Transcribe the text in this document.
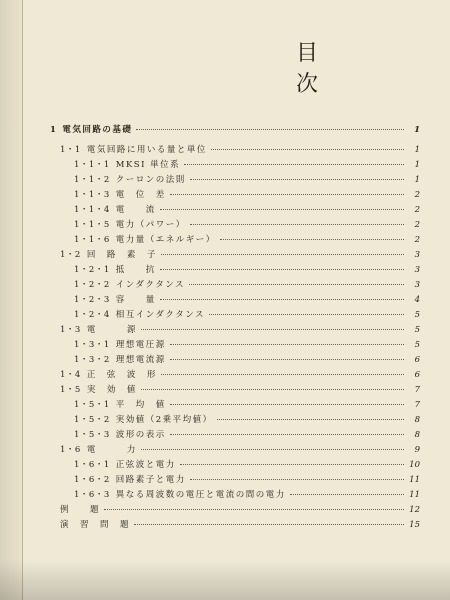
目　次
1 電気回路の基礎	1
1・1 電気回路に用いる量と単位	1
1・1・1 MKSI 単位系	1
1・1・2 クーロンの法則	1
1・1・3 電　位　差	2
1・1・4 電　　流	2
1・1・5 電力（パワー）	2
1・1・6 電力量（エネルギー）	2
1・2 回　路　素　子	3
1・2・1 抵　　抗	3
1・2・2 インダクタンス	3
1・2・3 容　　量	4
1・2・4 相互インダクタンス	5
1・3 電　　　源	5
1・3・1 理想電圧源	5
1・3・2 理想電流源	6
1・4 正　弦　波　形	6
1・5 実　効　値	7
1・5・1 平　均　値	7
1・5・2 実効値（2乗平均値）	8
1・5・3 波形の表示	8
1・6 電　　　力	9
1・6・1 正弦波と電力	10
1・6・2 回路素子と電力	11
1・6・3 異なる周波数の電圧と電流の間の電力	11
例　　題	12
演　習　問　題	15
